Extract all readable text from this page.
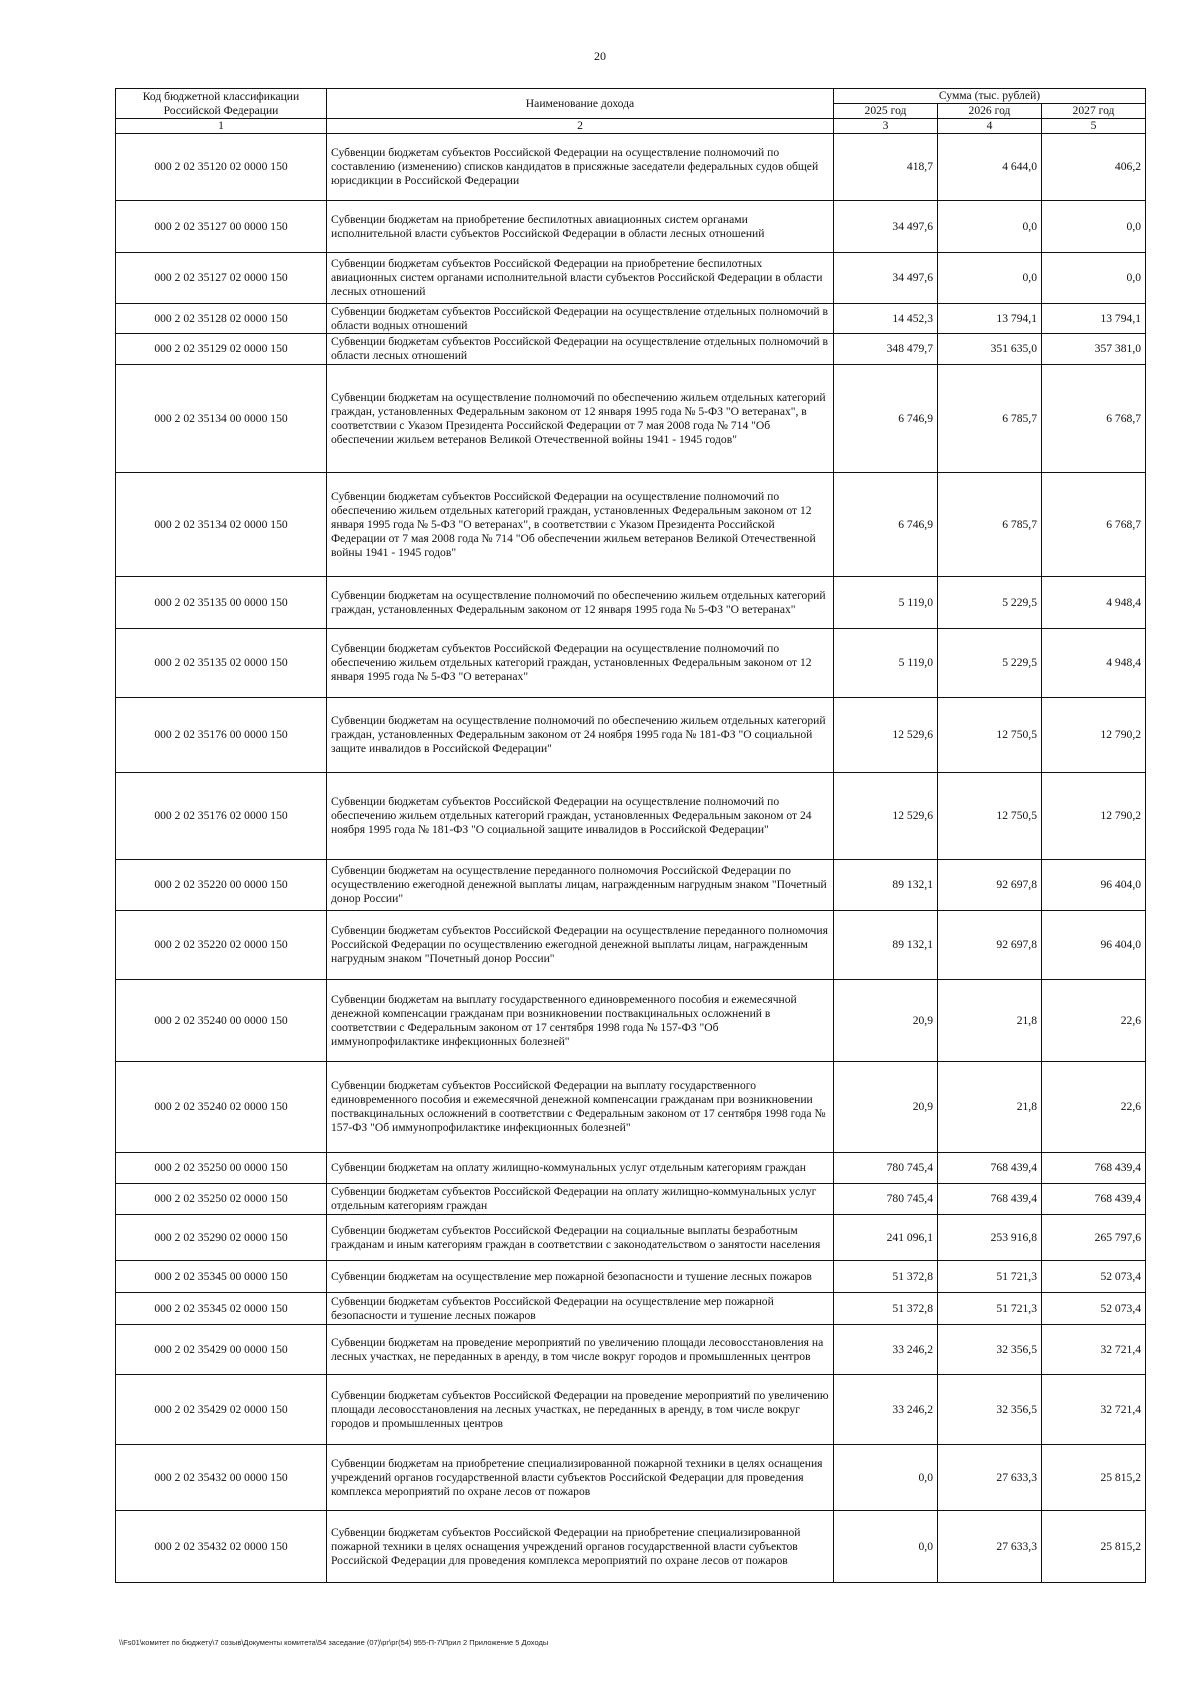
20
Код бюджетной классификации Российской Федерации	Наименование дохода	Сумма (тыс. рублей)		
		2025 год	2026 год	2027 год
1	2	3	4	5
000 2 02 35120 02 0000 150	Субвенции бюджетам субъектов Российской Федерации на осуществление полномочий по составлению (изменению) списков кандидатов в присяжные заседатели федеральных судов общей юрисдикции в Российской Федерации	418,7	4 644,0	406,2
000 2 02 35127 00 0000 150	Субвенции бюджетам на приобретение беспилотных авиационных систем органами исполнительной власти субъектов Российской Федерации в области лесных отношений	34 497,6	0,0	0,0
000 2 02 35127 02 0000 150	Субвенции бюджетам субъектов Российской Федерации на приобретение беспилотных авиационных систем органами исполнительной власти субъектов Российской Федерации в области лесных отношений	34 497,6	0,0	0,0
000 2 02 35128 02 0000 150	Субвенции бюджетам субъектов Российской Федерации на осуществление отдельных полномочий в области водных отношений	14 452,3	13 794,1	13 794,1
000 2 02 35129 02 0000 150	Субвенции бюджетам субъектов Российской Федерации на осуществление отдельных полномочий в области лесных отношений	348 479,7	351 635,0	357 381,0
000 2 02 35134 00 0000 150	Субвенции бюджетам на осуществление полномочий по обеспечению жильем отдельных категорий граждан, установленных Федеральным законом от 12 января 1995 года № 5-ФЗ "О ветеранах", в соответствии с Указом Президента Российской Федерации от 7 мая 2008 года № 714 "Об обеспечении жильем ветеранов Великой Отечественной войны 1941 - 1945 годов"	6 746,9	6 785,7	6 768,7
000 2 02 35134 02 0000 150	Субвенции бюджетам субъектов Российской Федерации на осуществление полномочий по обеспечению жильем отдельных категорий граждан, установленных Федеральным законом от 12 января 1995 года № 5-ФЗ "О ветеранах", в соответствии с Указом Президента Российской Федерации от 7 мая 2008 года № 714 "Об обеспечении жильем ветеранов Великой Отечественной войны 1941 - 1945 годов"	6 746,9	6 785,7	6 768,7
000 2 02 35135 00 0000 150	Субвенции бюджетам на осуществление полномочий по обеспечению жильем отдельных категорий граждан, установленных Федеральным законом от 12 января 1995 года № 5-ФЗ "О ветеранах"	5 119,0	5 229,5	4 948,4
000 2 02 35135 02 0000 150	Субвенции бюджетам субъектов Российской Федерации на осуществление полномочий по обеспечению жильем отдельных категорий граждан, установленных Федеральным законом от 12 января 1995 года № 5-ФЗ "О ветеранах"	5 119,0	5 229,5	4 948,4
000 2 02 35176 00 0000 150	Субвенции бюджетам на осуществление полномочий по обеспечению жильем отдельных категорий граждан, установленных Федеральным законом от 24 ноября 1995 года № 181-ФЗ "О социальной защите инвалидов в Российской Федерации"	12 529,6	12 750,5	12 790,2
000 2 02 35176 02 0000 150	Субвенции бюджетам субъектов Российской Федерации на осуществление полномочий по обеспечению жильем отдельных категорий граждан, установленных Федеральным законом от 24 ноября 1995 года № 181-ФЗ "О социальной защите инвалидов в Российской Федерации"	12 529,6	12 750,5	12 790,2
000 2 02 35220 00 0000 150	Субвенции бюджетам на осуществление переданного полномочия Российской Федерации по осуществлению ежегодной денежной выплаты лицам, награжденным нагрудным знаком "Почетный донор России"	89 132,1	92 697,8	96 404,0
000 2 02 35220 02 0000 150	Субвенции бюджетам субъектов Российской Федерации на осуществление переданного полномочия Российской Федерации по осуществлению ежегодной денежной выплаты лицам, награжденным нагрудным знаком "Почетный донор России"	89 132,1	92 697,8	96 404,0
000 2 02 35240 00 0000 150	Субвенции бюджетам на выплату государственного единовременного пособия и ежемесячной денежной компенсации гражданам при возникновении поствакцинальных осложнений в соответствии с Федеральным законом от 17 сентября 1998 года № 157-ФЗ "Об иммунопрофилактике инфекционных болезней"	20,9	21,8	22,6
000 2 02 35240 02 0000 150	Субвенции бюджетам субъектов Российской Федерации на выплату государственного единовременного пособия и ежемесячной денежной компенсации гражданам при возникновении поствакцинальных осложнений в соответствии с Федеральным законом от 17 сентября 1998 года № 157-ФЗ "Об иммунопрофилактике инфекционных болезней"	20,9	21,8	22,6
000 2 02 35250 00 0000 150	Субвенции бюджетам на оплату жилищно-коммунальных услуг отдельным категориям граждан	780 745,4	768 439,4	768 439,4
000 2 02 35250 02 0000 150	Субвенции бюджетам субъектов Российской Федерации на оплату жилищно-коммунальных услуг отдельным категориям граждан	780 745,4	768 439,4	768 439,4
000 2 02 35290 02 0000 150	Субвенции бюджетам субъектов Российской Федерации на социальные выплаты безработным гражданам и иным категориям граждан в соответствии с законодательством о занятости населения	241 096,1	253 916,8	265 797,6
000 2 02 35345 00 0000 150	Субвенции бюджетам на осуществление мер пожарной безопасности и тушение лесных пожаров	51 372,8	51 721,3	52 073,4
000 2 02 35345 02 0000 150	Субвенции бюджетам субъектов Российской Федерации на осуществление мер пожарной безопасности и тушение лесных пожаров	51 372,8	51 721,3	52 073,4
000 2 02 35429 00 0000 150	Субвенции бюджетам на проведение мероприятий по увеличению площади лесовосстановления на лесных участках, не переданных в аренду, в том числе вокруг городов и промышленных центров	33 246,2	32 356,5	32 721,4
000 2 02 35429 02 0000 150	Субвенции бюджетам субъектов Российской Федерации на проведение мероприятий по увеличению площади лесовосстановления на лесных участках, не переданных в аренду, в том числе вокруг городов и промышленных центров	33 246,2	32 356,5	32 721,4
000 2 02 35432 00 0000 150	Субвенции бюджетам на приобретение специализированной пожарной техники в целях оснащения учреждений органов государственной власти субъектов Российской Федерации для проведения комплекса мероприятий по охране лесов от пожаров	0,0	27 633,3	25 815,2
000 2 02 35432 02 0000 150	Субвенции бюджетам субъектов Российской Федерации на приобретение специализированной пожарной техники в целях оснащения учреждений органов государственной власти субъектов Российской Федерации для проведения комплекса мероприятий по охране лесов от пожаров	0,0	27 633,3	25 815,2
\\Fs01\комитет по бюджету\7 созыв\Документы комитета\54 заседание (07)\рг\рг(54) 955-П-7\Прил 2 Приложение 5 Доходы
